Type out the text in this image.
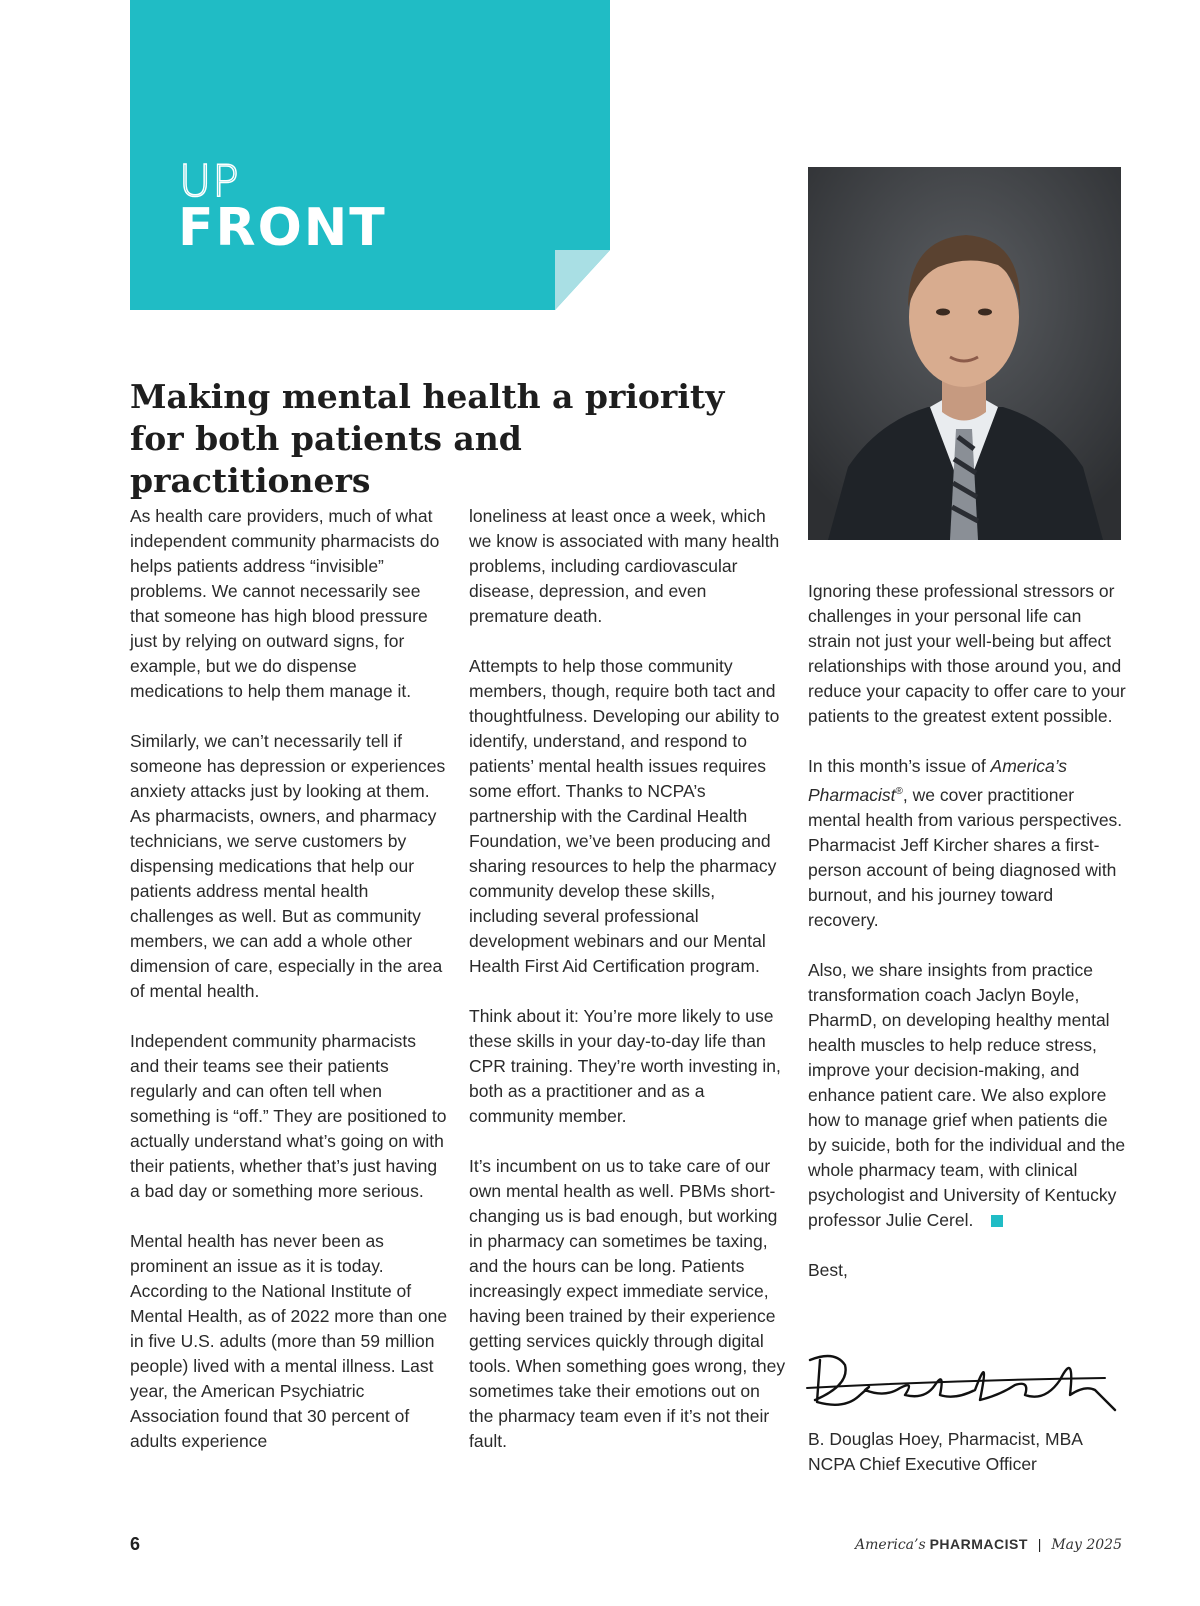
UP
FRONT
Making mental health a priority
for both patients and practitioners

As health care providers, much of what independent community pharmacists do helps patients address “invisible” problems. We cannot necessarily see that someone has high blood pressure just by relying on outward signs, for example, but we do dispense medications to help them manage it.

Similarly, we can’t necessarily tell if someone has depression or experiences anxiety attacks just by looking at them. As pharmacists, owners, and pharmacy technicians, we serve customers by dispensing medications that help our patients address mental health challenges as well. But as community members, we can add a whole other dimension of care, especially in the area of mental health.

Independent community pharmacists and their teams see their patients regularly and can often tell when something is “off.” They are positioned to actually understand what’s going on with their patients, whether that’s just having a bad day or something more serious.

Mental health has never been as prominent an issue as it is today. According to the National Institute of Mental Health, as of 2022 more than one in five U.S. adults (more than 59 million people) lived with a mental illness. Last year, the American Psychiatric Association found that 30 percent of adults experience

loneliness at least once a week, which we know is associated with many health problems, including cardiovascular disease, depression, and even premature death.

Attempts to help those community members, though, require both tact and thoughtfulness. Developing our ability to identify, understand, and respond to patients’ mental health issues requires some effort. Thanks to NCPA’s partnership with the Cardinal Health Foundation, we’ve been producing and sharing resources to help the pharmacy community develop these skills, including several professional development webinars and our Mental Health First Aid Certification program.

Think about it: You’re more likely to use these skills in your day-to-day life than CPR training. They’re worth investing in, both as a practitioner and as a community member.

It’s incumbent on us to take care of our own mental health as well. PBMs short-changing us is bad enough, but working in pharmacy can sometimes be taxing, and the hours can be long. Patients increasingly expect immediate service, having been trained by their experience getting services quickly through digital tools. When something goes wrong, they sometimes take their emotions out on the pharmacy team even if it’s not their fault.

Ignoring these professional stressors or challenges in your personal life can strain not just your well-being but affect relationships with those around you, and reduce your capacity to offer care to your patients to the greatest extent possible.

In this month’s issue of America’s Pharmacist®, we cover practitioner mental health from various perspectives. Pharmacist Jeff Kircher shares a first-person account of being diagnosed with burnout, and his journey toward recovery.

Also, we share insights from practice transformation coach Jaclyn Boyle, PharmD, on developing healthy mental health muscles to help reduce stress, improve your decision-making, and enhance patient care. We also explore how to manage grief when patients die by suicide, both for the individual and the whole pharmacy team, with clinical psychologist and University of Kentucky professor Julie Cerel.

Best,

B. Douglas Hoey, Pharmacist, MBA
NCPA Chief Executive Officer
6	America’s PHARMACIST | May 2025
